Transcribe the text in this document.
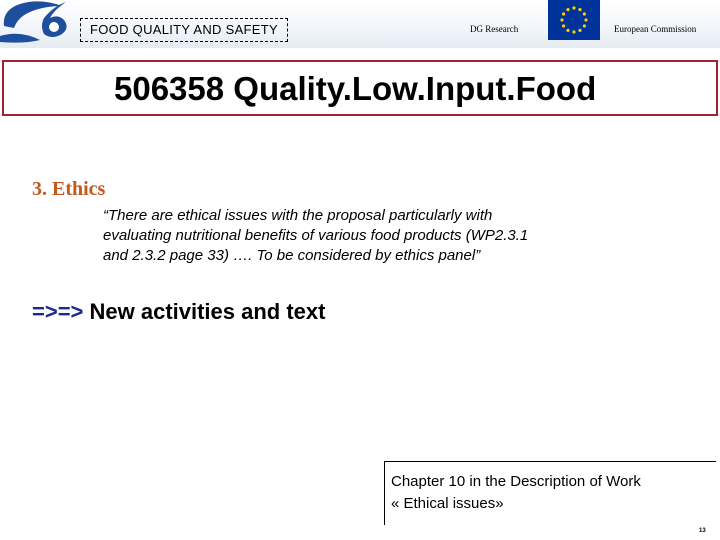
FOOD QUALITY AND SAFETY	DG Research	European Commission
506358 Quality.Low.Input.Food
3. Ethics
“There are ethical issues with the proposal particularly with
evaluating nutritional benefits of various food products (WP2.3.1
and 2.3.2 page 33) …. To be considered by ethics panel”
=>=> New activities and text
Chapter 10 in the Description of Work
« Ethical issues»
13
